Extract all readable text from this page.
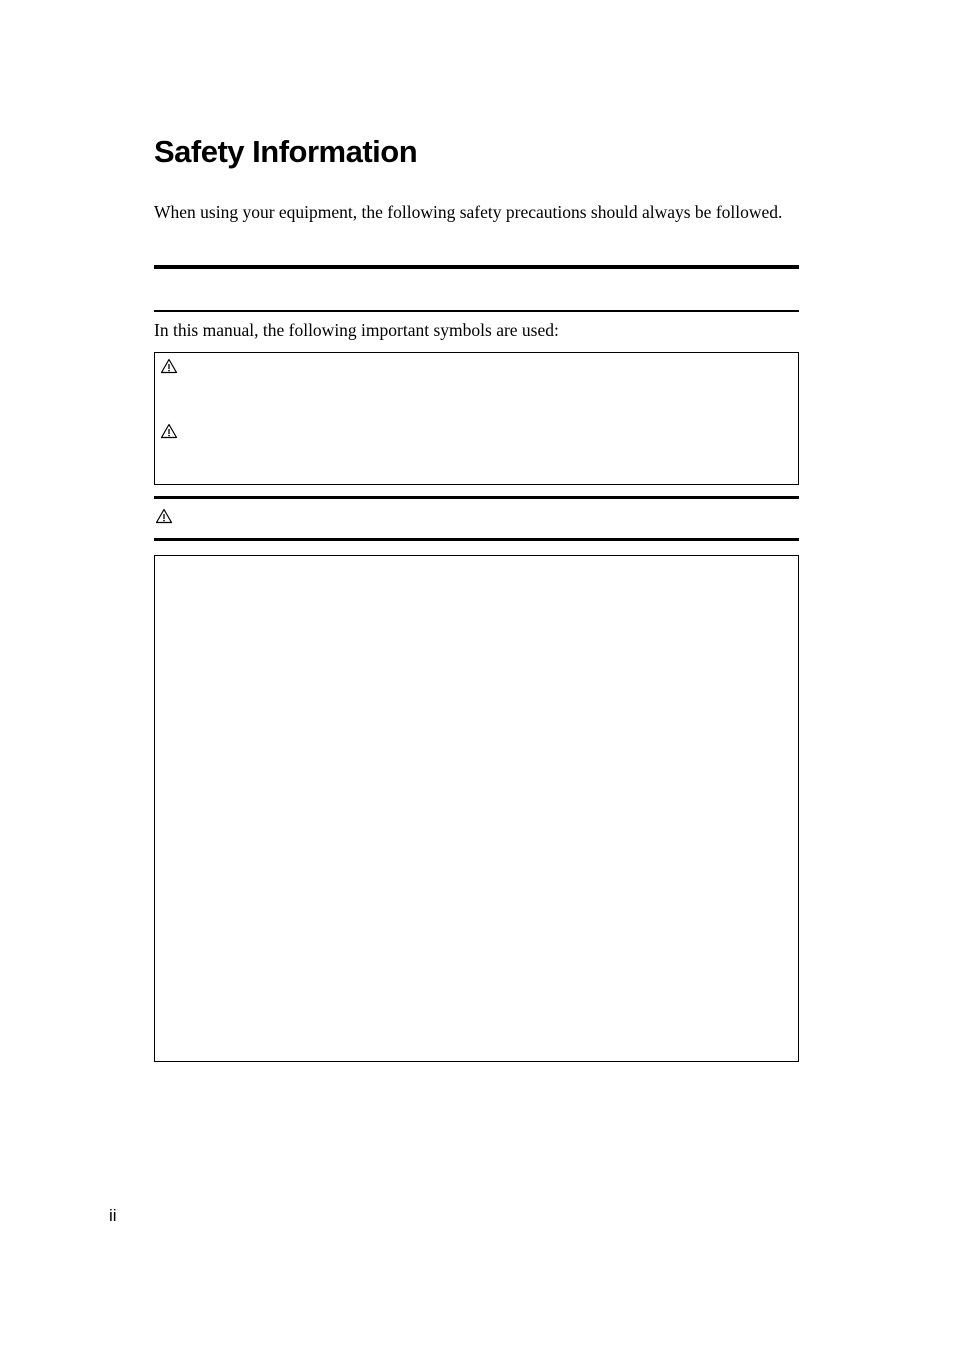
Safety Information

When using your equipment, the following safety precautions should always be followed.

In this manual, the following important symbols are used:

ii
